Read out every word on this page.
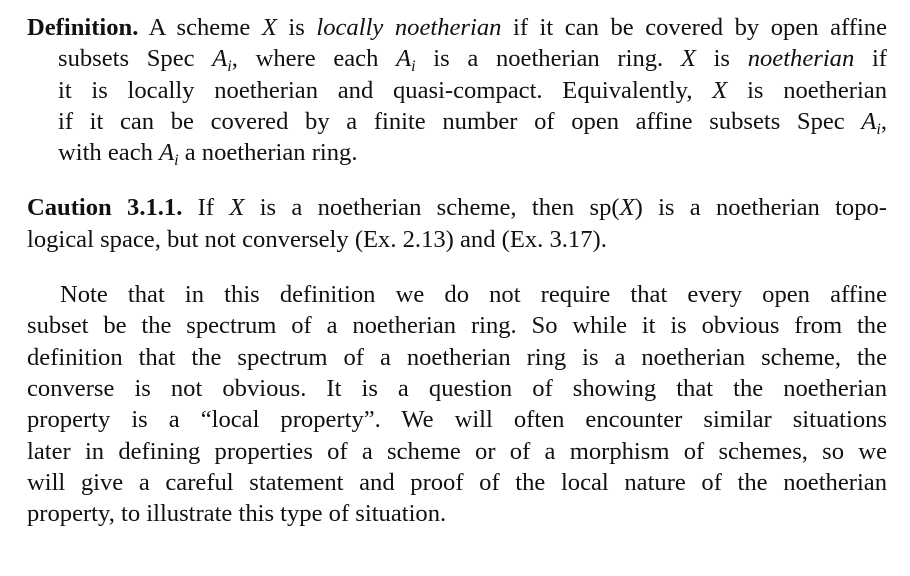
Definition. A scheme X is locally noetherian if it can be covered by open affine
subsets Spec $A_i$, where each $A_i$ is a noetherian ring. X is noetherian if
it is locally noetherian and quasi-compact. Equivalently, X is noetherian
if it can be covered by a finite number of open affine subsets Spec $A_i$,
with each $A_i$ a noetherian ring.
Caution 3.1.1. If X is a noetherian scheme, then sp(X) is a noetherian topo-
logical space, but not conversely (Ex. 2.13) and (Ex. 3.17).
Note that in this definition we do not require that every open affine
subset be the spectrum of a noetherian ring. So while it is obvious from the
definition that the spectrum of a noetherian ring is a noetherian scheme, the
converse is not obvious. It is a question of showing that the noetherian
property is a “local property”. We will often encounter similar situations
later in defining properties of a scheme or of a morphism of schemes, so we
will give a careful statement and proof of the local nature of the noetherian
property, to illustrate this type of situation.
